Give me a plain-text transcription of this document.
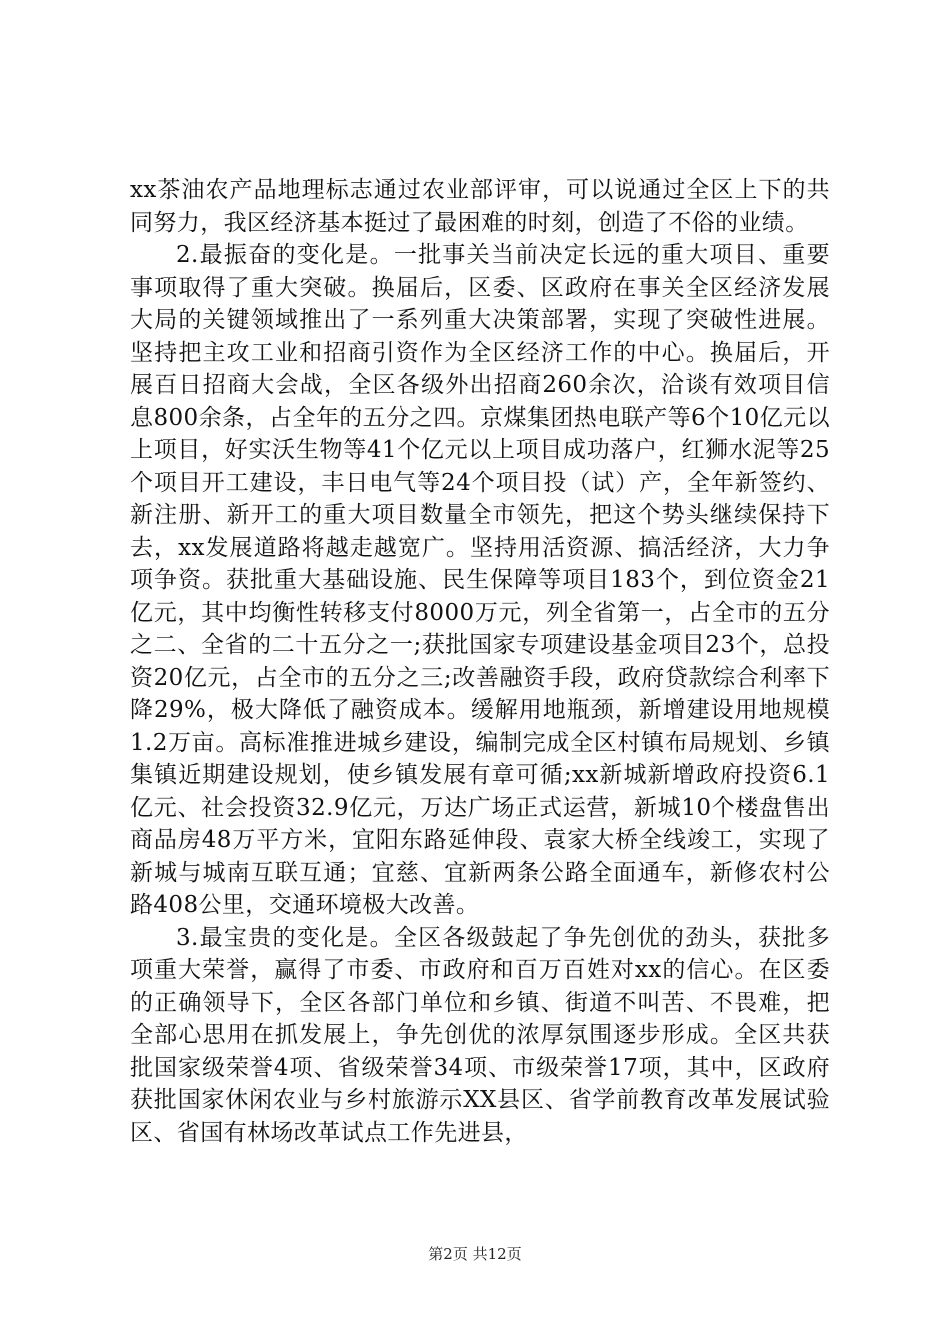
xx茶油农产品地理标志通过农业部评审，可以说通过全区上下的共同努力，我区经济基本挺过了最困难的时刻，创造了不俗的业绩。

2.最振奋的变化是。一批事关当前决定长远的重大项目、重要事项取得了重大突破。换届后，区委、区政府在事关全区经济发展大局的关键领域推出了一系列重大决策部署，实现了突破性进展。坚持把主攻工业和招商引资作为全区经济工作的中心。换届后，开展百日招商大会战，全区各级外出招商260余次，洽谈有效项目信息800余条，占全年的五分之四。京煤集团热电联产等6个10亿元以上项目，好实沃生物等41个亿元以上项目成功落户，红狮水泥等25个项目开工建设，丰日电气等24个项目投（试）产，全年新签约、新注册、新开工的重大项目数量全市领先，把这个势头继续保持下去，xx发展道路将越走越宽广。坚持用活资源、搞活经济，大力争项争资。获批重大基础设施、民生保障等项目183个，到位资金21亿元，其中均衡性转移支付8000万元，列全省第一，占全市的五分之二、全省的二十五分之一;获批国家专项建设基金项目23个，总投资20亿元，占全市的五分之三;改善融资手段，政府贷款综合利率下降29%，极大降低了融资成本。缓解用地瓶颈，新增建设用地规模1.2万亩。高标准推进城乡建设，编制完成全区村镇布局规划、乡镇集镇近期建设规划，使乡镇发展有章可循;xx新城新增政府投资6.1亿元、社会投资32.9亿元，万达广场正式运营，新城10个楼盘售出商品房48万平方米，宜阳东路延伸段、袁家大桥全线竣工，实现了新城与城南互联互通；宜慈、宜新两条公路全面通车，新修农村公路408公里，交通环境极大改善。

3.最宝贵的变化是。全区各级鼓起了争先创优的劲头，获批多项重大荣誉，赢得了市委、市政府和百万百姓对xx的信心。在区委的正确领导下，全区各部门单位和乡镇、街道不叫苦、不畏难，把全部心思用在抓发展上，争先创优的浓厚氛围逐步形成。全区共获批国家级荣誉4项、省级荣誉34项、市级荣誉17项，其中，区政府获批国家休闲农业与乡村旅游示XX县区、省学前教育改革发展试验区、省国有林场改革试点工作先进县，

第2页 共12页
